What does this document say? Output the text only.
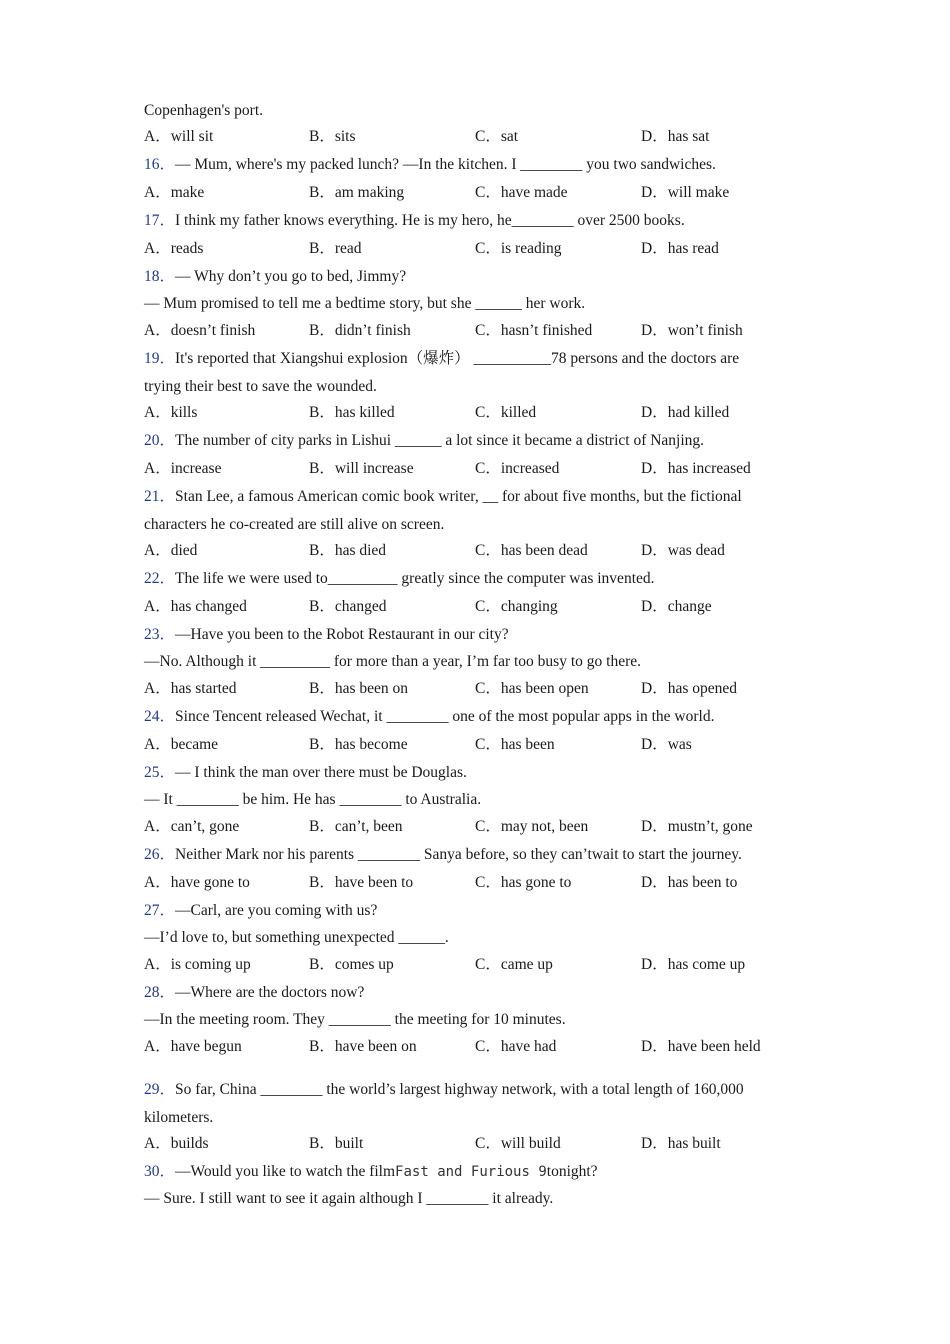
Copenhagen's port.
A．will sit	B．sits	C．sat	D．has sat
16．— Mum, where's my packed lunch? —In the kitchen. I ________ you two sandwiches.
A．make	B．am making	C．have made	D．will make
17．I think my father knows everything. He is my hero, he________ over 2500 books.
A．reads	B．read	C．is reading	D．has read
18．— Why don’t you go to bed, Jimmy?
— Mum promised to tell me a bedtime story, but she ______ her work.
A．doesn’t finish	B．didn’t finish	C．hasn’t finished	D．won’t finish
19．It's reported that Xiangshui explosion（爆炸） __________78 persons and the doctors are
trying their best to save the wounded.
A．kills	B．has killed	C．killed	D．had killed
20．The number of city parks in Lishui ______ a lot since it became a district of Nanjing.
A．increase	B．will increase	C．increased	D．has increased
21．Stan Lee, a famous American comic book writer, __ for about five months, but the fictional
characters he co-created are still alive on screen.
A．died	B．has died	C．has been dead	D．was dead
22．The life we were used to_________ greatly since the computer was invented.
A．has changed	B．changed	C．changing	D．change
23．—Have you been to the Robot Restaurant in our city?
—No. Although it _________ for more than a year, I’m far too busy to go there.
A．has started	B．has been on	C．has been open	D．has opened
24．Since Tencent released Wechat, it ________ one of the most popular apps in the world.
A．became	B．has become	C．has been	D．was
25．— I think the man over there must be Douglas.
— It ________ be him. He has ________ to Australia.
A．can’t, gone	B．can’t, been	C．may not, been	D．mustn’t, gone
26．Neither Mark nor his parents ________ Sanya before, so they can’twait to start the journey.
A．have gone to	B．have been to	C．has gone to	D．has been to
27．—Carl, are you coming with us?
—I’d love to, but something unexpected ______.
A．is coming up	B．comes up	C．came up	D．has come up
28．—Where are the doctors now?
—In the meeting room. They ________ the meeting for 10 minutes.
A．have begun	B．have been on	C．have had	D．have been held
29．So far, China ________ the world’s largest highway network, with a total length of 160,000
kilometers.
A．builds	B．built	C．will build	D．has built
30．—Would you like to watch the filmFast and Furious 9tonight?
— Sure. I still want to see it again although I ________ it already.
